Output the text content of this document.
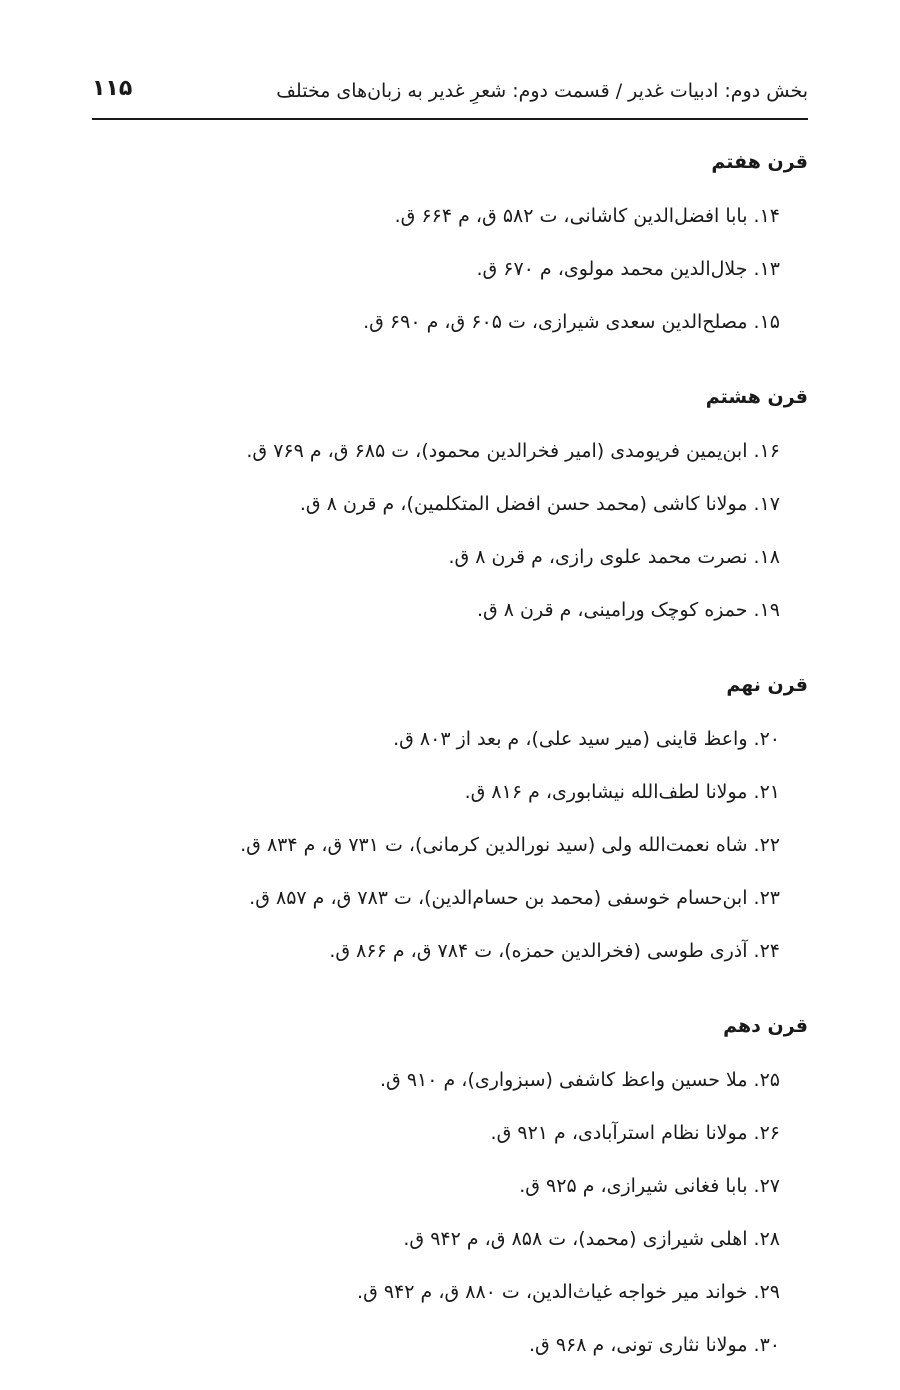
بخش دوم: ادبیات غدیر / قسمت دوم: شعرِ غدیر به زبان‌های مختلف
۱۱۵
قرن هفتم
۱۴. بابا افضل‌الدین کاشانی، ت ۵۸۲ ق، م ۶۶۴ ق.
۱۳. جلال‌الدین محمد مولوی، م ۶۷۰ ق.
۱۵. مصلح‌الدین سعدی شیرازی، ت ۶۰۵ ق، م ۶۹۰ ق.
قرن هشتم
۱۶. ابن‌یمین فریومدی (امیر فخرالدین محمود)، ت ۶۸۵ ق، م ۷۶۹ ق.
۱۷. مولانا کاشی (محمد حسن افضل المتکلمین)، م قرن ۸ ق.
۱۸. نصرت محمد علوی رازی، م قرن ۸ ق.
۱۹. حمزه کوچک ورامینی، م قرن ۸ ق.
قرن نهم
۲۰. واعظ قاینی (میر سید علی)، م بعد از ۸۰۳ ق.
۲۱. مولانا لطف‌الله نیشابوری، م ۸۱۶ ق.
۲۲. شاه نعمت‌الله ولی (سید نورالدین کرمانی)، ت ۷۳۱ ق، م ۸۳۴ ق.
۲۳. ابن‌حسام خوسفی (محمد بن حسام‌الدین)، ت ۷۸۳ ق، م ۸۵۷ ق.
۲۴. آذری طوسی (فخرالدین حمزه)، ت ۷۸۴ ق، م ۸۶۶ ق.
قرن دهم
۲۵. ملا حسین واعظ کاشفی (سبزواری)، م ۹۱۰ ق.
۲۶. مولانا نظام استرآبادی، م ۹۲۱ ق.
۲۷. بابا فغانی شیرازی، م ۹۲۵ ق.
۲۸. اهلی شیرازی (محمد)، ت ۸۵۸ ق، م ۹۴۲ ق.
۲۹. خواند میر خواجه غیاث‌الدین، ت ۸۸۰ ق، م ۹۴۲ ق.
۳۰. مولانا نثاری تونی، م ۹۶۸ ق.
